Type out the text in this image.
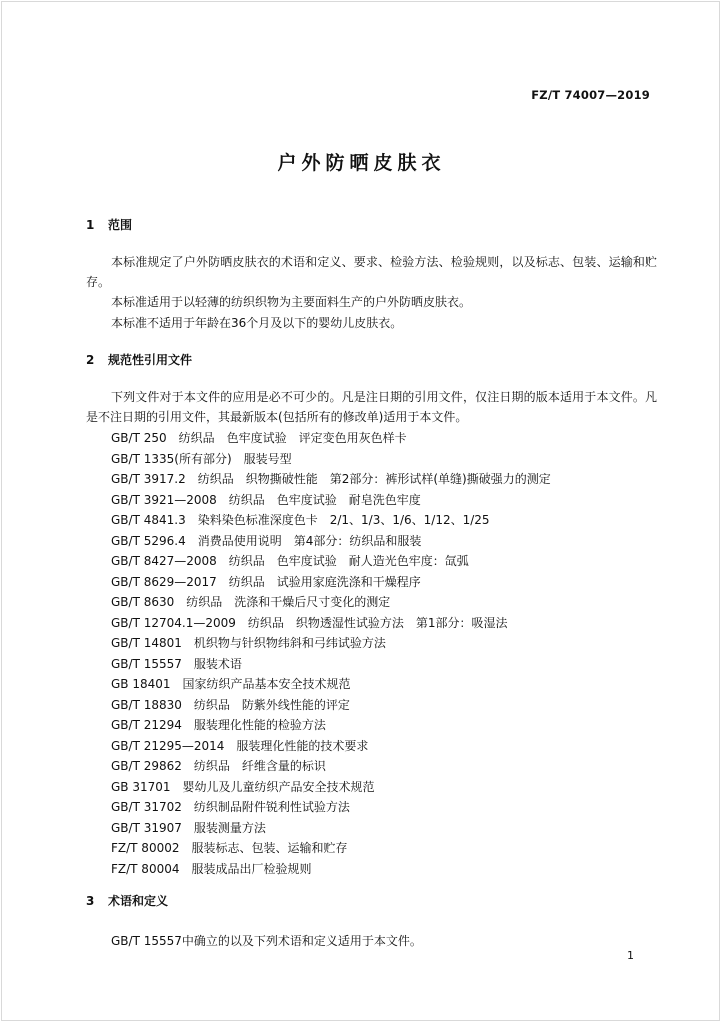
FZ/T 74007—2019
户外防晒皮肤衣
1 范围
本标准规定了户外防晒皮肤衣的术语和定义、要求、检验方法、检验规则，以及标志、包装、运输和贮存。
本标准适用于以轻薄的纺织织物为主要面料生产的户外防晒皮肤衣。
本标准不适用于年龄在36个月及以下的婴幼儿皮肤衣。
2 规范性引用文件
下列文件对于本文件的应用是必不可少的。凡是注日期的引用文件，仅注日期的版本适用于本文件。凡是不注日期的引用文件，其最新版本(包括所有的修改单)适用于本文件。
GB/T 250　纺织品　色牢度试验　评定变色用灰色样卡
GB/T 1335(所有部分)　服装号型
GB/T 3917.2　纺织品　织物撕破性能　第2部分：裤形试样(单缝)撕破强力的测定
GB/T 3921—2008　纺织品　色牢度试验　耐皂洗色牢度
GB/T 4841.3　染料染色标准深度色卡　2/1、1/3、1/6、1/12、1/25
GB/T 5296.4　消费品使用说明　第4部分：纺织品和服装
GB/T 8427—2008　纺织品　色牢度试验　耐人造光色牢度：氙弧
GB/T 8629—2017　纺织品　试验用家庭洗涤和干燥程序
GB/T 8630　纺织品　洗涤和干燥后尺寸变化的测定
GB/T 12704.1—2009　纺织品　织物透湿性试验方法　第1部分：吸湿法
GB/T 14801　机织物与针织物纬斜和弓纬试验方法
GB/T 15557　服装术语
GB 18401　国家纺织产品基本安全技术规范
GB/T 18830　纺织品　防紫外线性能的评定
GB/T 21294　服装理化性能的检验方法
GB/T 21295—2014　服装理化性能的技术要求
GB/T 29862　纺织品　纤维含量的标识
GB 31701　婴幼儿及儿童纺织产品安全技术规范
GB/T 31702　纺织制品附件锐利性试验方法
GB/T 31907　服装测量方法
FZ/T 80002　服装标志、包装、运输和贮存
FZ/T 80004　服装成品出厂检验规则
3 术语和定义
GB/T 15557中确立的以及下列术语和定义适用于本文件。
1
